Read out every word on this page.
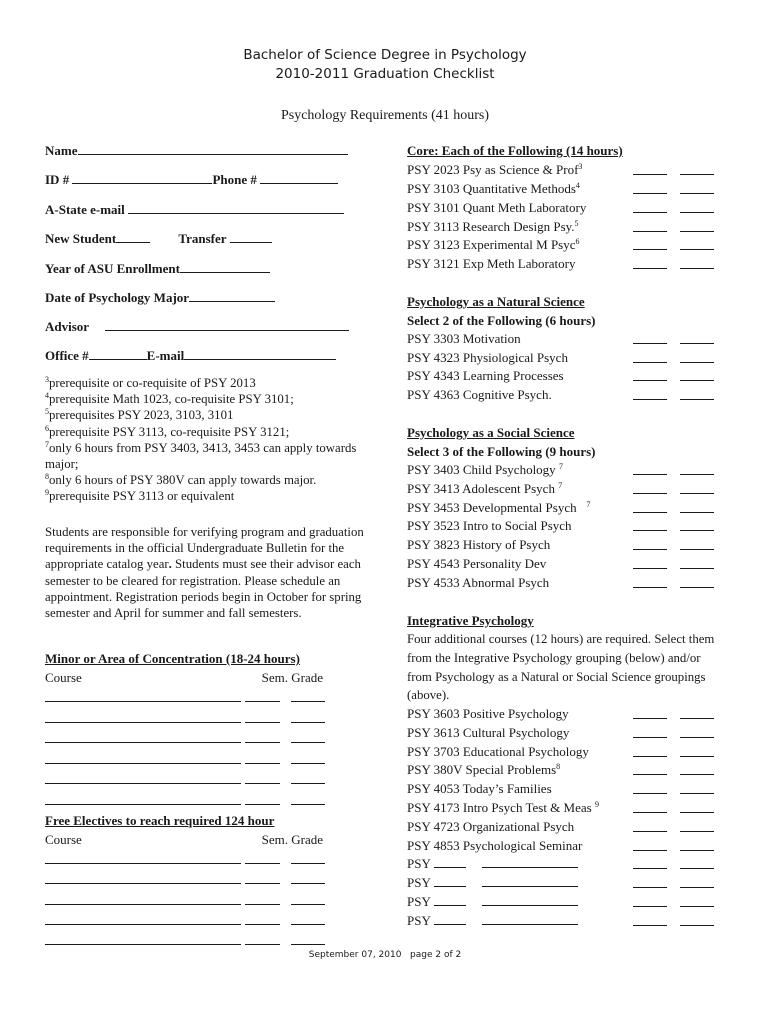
Bachelor of Science Degree in Psychology
2010-2011 Graduation Checklist
Psychology Requirements (41 hours)
Name
ID #	Phone #
A-State e-mail
New Student	Transfer
Year of ASU Enrollment
Date of Psychology Major
Advisor
Office #	E-mail
$^3$prerequisite or co-requisite of PSY 2013
$^4$prerequisite Math 1023, co-requisite PSY 3101;
$^5$prerequisites PSY 2023, 3103, 3101
$^6$prerequisite PSY 3113, co-requisite PSY 3121;
$^7$only 6 hours from PSY 3403, 3413, 3453 can apply towards major;
$^8$only 6 hours of PSY 380V can apply towards major.
$^9$prerequisite PSY 3113 or equivalent
Students are responsible for verifying program and graduation requirements in the official Undergraduate Bulletin for the appropriate catalog year. Students must see their advisor each semester to be cleared for registration. Please schedule an appointment. Registration periods begin in October for spring semester and April for summer and fall semesters.
Minor or Area of Concentration (18-24 hours)
Course	Sem. Grade
Free Electives to reach required 124 hour
Course	Sem. Grade
Core: Each of the Following (14 hours)
PSY 2023 Psy as Science & Prof$^3$
PSY 3103 Quantitative Methods$^4$
PSY 3101 Quant Meth Laboratory
PSY 3113 Research Design Psy.$^5$
PSY 3123 Experimental M Psyc$^6$
PSY 3121 Exp Meth Laboratory
Psychology as a Natural Science
Select 2 of the Following (6 hours)
PSY 3303 Motivation
PSY 4323 Physiological Psych
PSY 4343 Learning Processes
PSY 4363 Cognitive Psych.
Psychology as a Social Science
Select 3 of the Following (9 hours)
PSY 3403 Child Psychology $^7$
PSY 3413 Adolescent Psych $^7$
PSY 3453 Developmental Psych   $^7$
PSY 3523 Intro to Social Psych
PSY 3823 History of Psych
PSY 4543 Personality Dev
PSY 4533 Abnormal Psych
Integrative Psychology
Four additional courses (12 hours) are required. Select them from the Integrative Psychology grouping (below) and/or from Psychology as a Natural or Social Science groupings (above).
PSY 3603 Positive Psychology
PSY 3613 Cultural Psychology
PSY 3703 Educational Psychology
PSY 380V Special Problems$^8$
PSY 4053 Today’s Families
PSY 4173 Intro Psych Test & Meas $^9$
PSY 4723 Organizational Psych
PSY 4853 Psychological Seminar
PSY
PSY
PSY
PSY
September 07, 2010   page 2 of 2
